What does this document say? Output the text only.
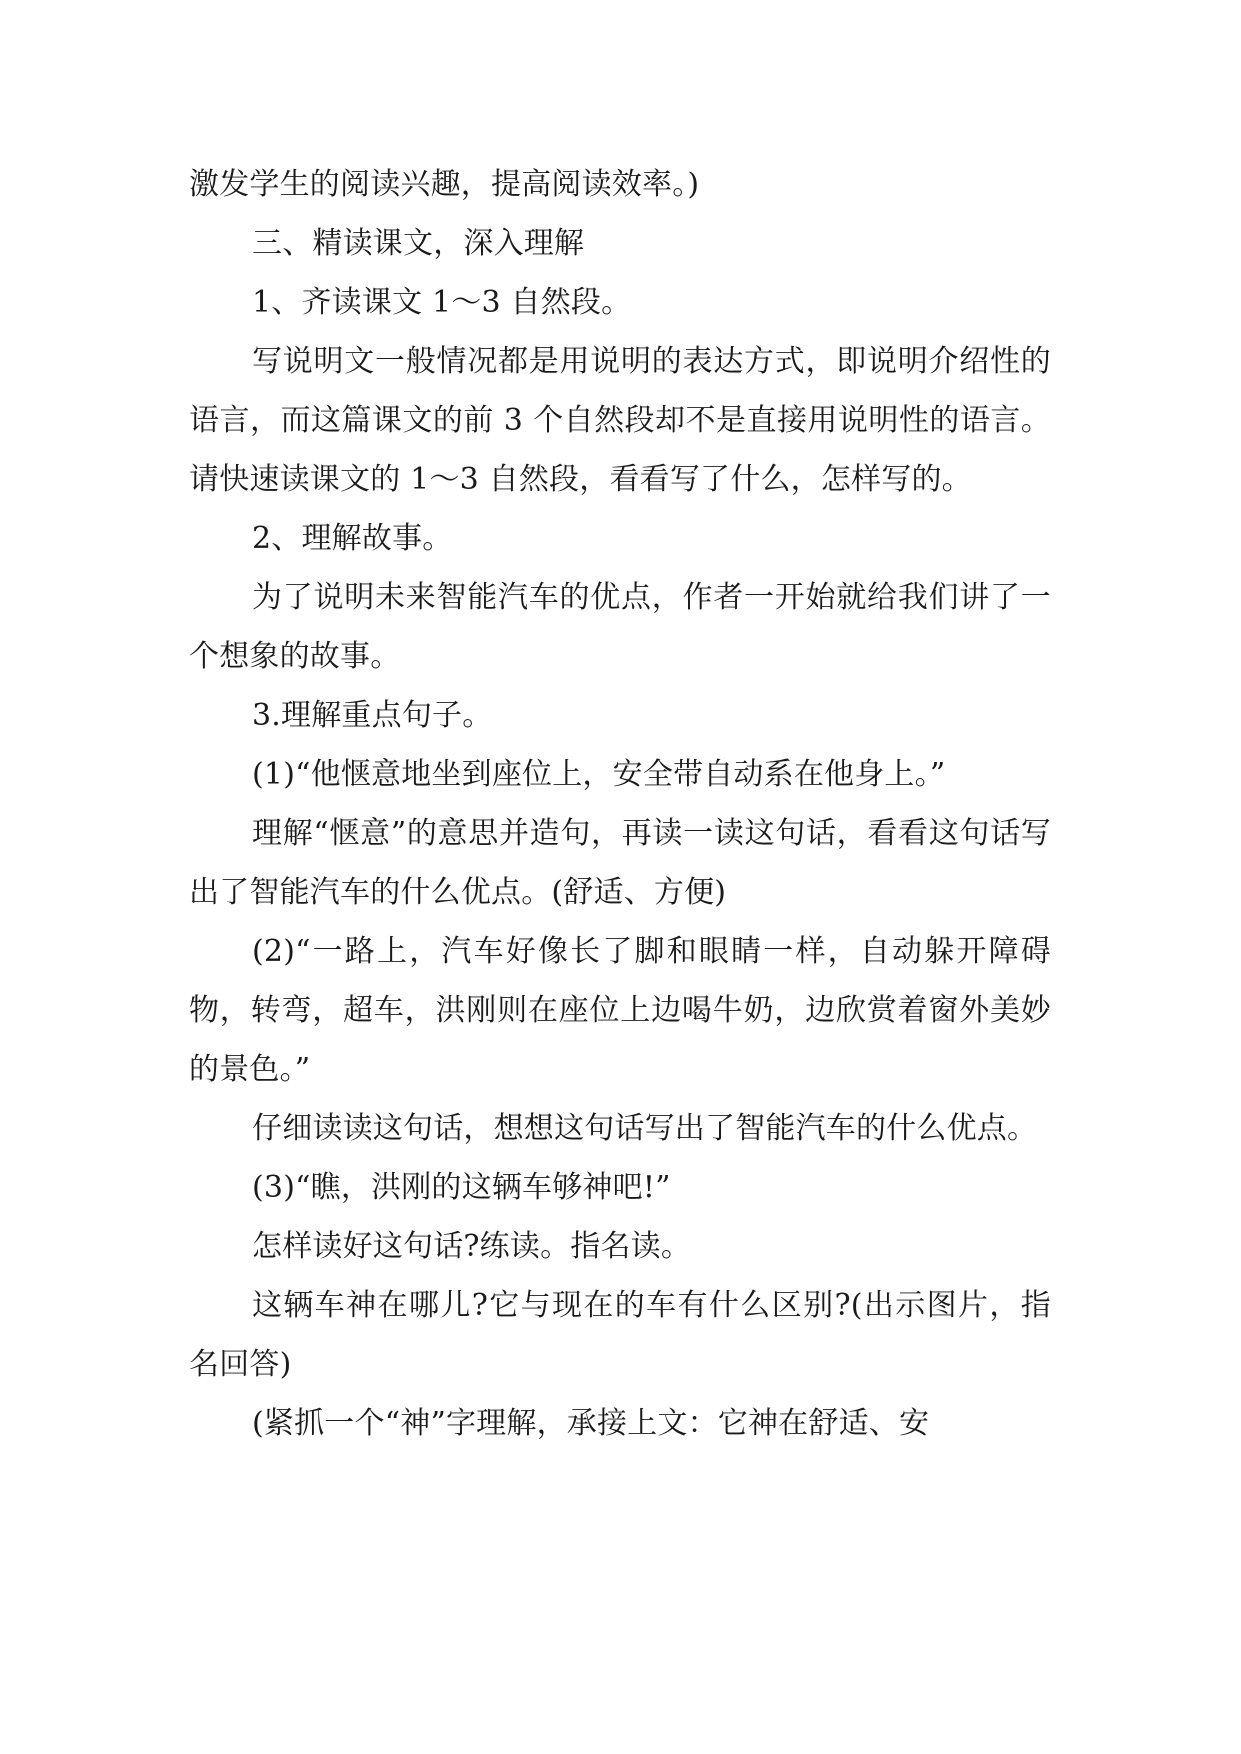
激发学生的阅读兴趣，提高阅读效率。)

三、精读课文，深入理解

1、齐读课文 1～3 自然段。

写说明文一般情况都是用说明的表达方式，即说明介绍性的语言，而这篇课文的前 3 个自然段却不是直接用说明性的语言。请快速读课文的 1～3 自然段，看看写了什么，怎样写的。

2、理解故事。

为了说明未来智能汽车的优点，作者一开始就给我们讲了一个想象的故事。

3.理解重点句子。

(1)“他惬意地坐到座位上，安全带自动系在他身上。”

理解“惬意”的意思并造句，再读一读这句话，看看这句话写出了智能汽车的什么优点。(舒适、方便)

(2)“一路上，汽车好像长了脚和眼睛一样，自动躲开障碍物，转弯，超车，洪刚则在座位上边喝牛奶，边欣赏着窗外美妙的景色。”

仔细读读这句话，想想这句话写出了智能汽车的什么优点。

(3)“瞧，洪刚的这辆车够神吧!”

怎样读好这句话?练读。指名读。

这辆车神在哪儿?它与现在的车有什么区别?(出示图片，指名回答)

(紧抓一个“神”字理解，承接上文：它神在舒适、安
